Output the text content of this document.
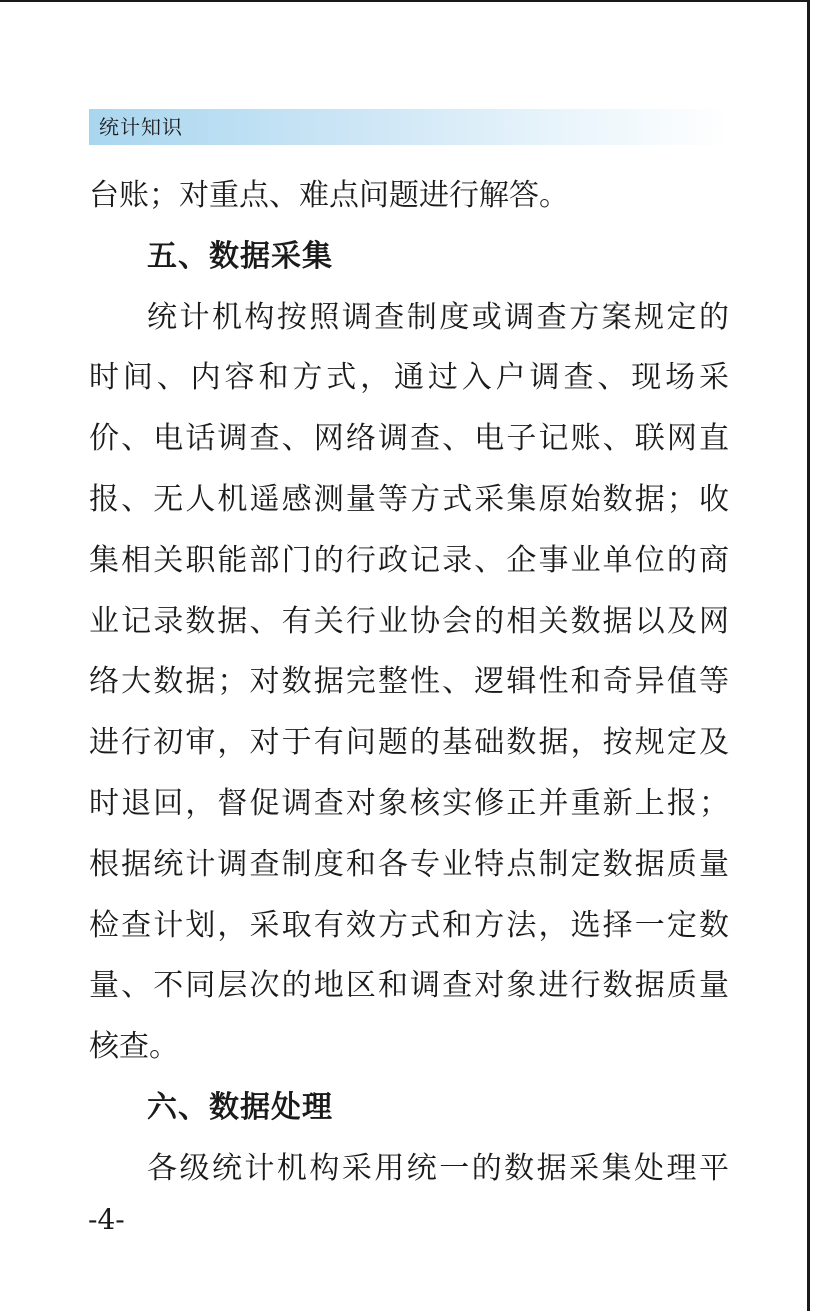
统计知识
台账；对重点、难点问题进行解答。
五、数据采集
统计机构按照调查制度或调查方案规定的
时间、内容和方式，通过入户调查、现场采
价、电话调查、网络调查、电子记账、联网直
报、无人机遥感测量等方式采集原始数据；收
集相关职能部门的行政记录、企事业单位的商
业记录数据、有关行业协会的相关数据以及网
络大数据；对数据完整性、逻辑性和奇异值等
进行初审，对于有问题的基础数据，按规定及
时退回，督促调查对象核实修正并重新上报；
根据统计调查制度和各专业特点制定数据质量
检查计划，采取有效方式和方法，选择一定数
量、不同层次的地区和调查对象进行数据质量
核查。
六、数据处理
各级统计机构采用统一的数据采集处理平
-4-
